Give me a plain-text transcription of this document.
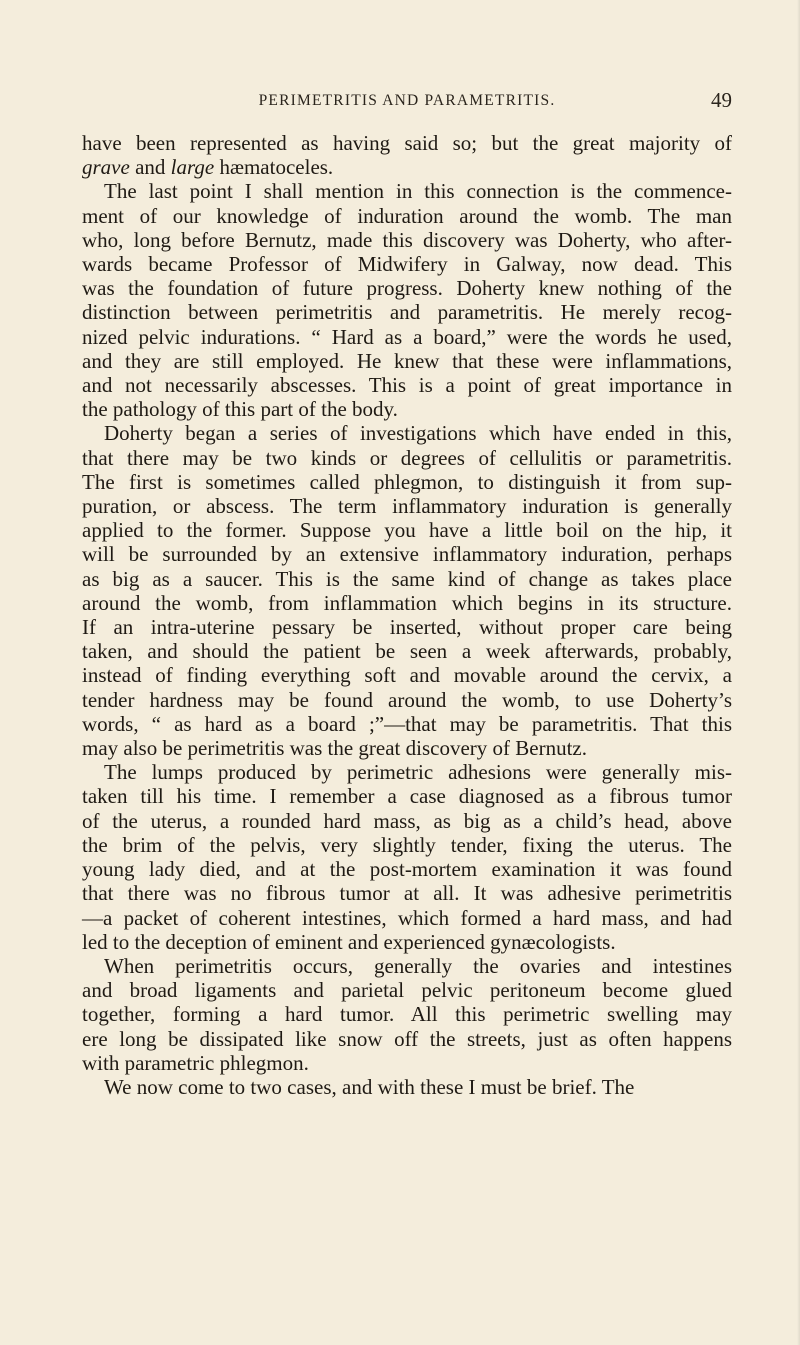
PERIMETRITIS AND PARAMETRITIS.	49

have been represented as having said so; but the great majority of

grave and large hæmatoceles.

The last point I shall mention in this connection is the commence-

ment of our knowledge of induration around the womb. The man

who, long before Bernutz, made this discovery was Doherty, who after-

wards became Professor of Midwifery in Galway, now dead. This

was the foundation of future progress. Doherty knew nothing of the

distinction between perimetritis and parametritis. He merely recog-

nized pelvic indurations. “ Hard as a board,” were the words he used,

and they are still employed. He knew that these were inflammations,

and not necessarily abscesses. This is a point of great importance in

the pathology of this part of the body.

Doherty began a series of investigations which have ended in this,

that there may be two kinds or degrees of cellulitis or parametritis.

The first is sometimes called phlegmon, to distinguish it from sup-

puration, or abscess. The term inflammatory induration is generally

applied to the former. Suppose you have a little boil on the hip, it

will be surrounded by an extensive inflammatory induration, perhaps

as big as a saucer. This is the same kind of change as takes place

around the womb, from inflammation which begins in its structure.

If an intra-uterine pessary be inserted, without proper care being

taken, and should the patient be seen a week afterwards, probably,

instead of finding everything soft and movable around the cervix, a

tender hardness may be found around the womb, to use Doherty’s

words, “ as hard as a board ;”—that may be parametritis. That this

may also be perimetritis was the great discovery of Bernutz.

The lumps produced by perimetric adhesions were generally mis-

taken till his time. I remember a case diagnosed as a fibrous tumor

of the uterus, a rounded hard mass, as big as a child’s head, above

the brim of the pelvis, very slightly tender, fixing the uterus. The

young lady died, and at the post-mortem examination it was found

that there was no fibrous tumor at all. It was adhesive perimetritis

—a packet of coherent intestines, which formed a hard mass, and had

led to the deception of eminent and experienced gynæcologists.

When perimetritis occurs, generally the ovaries and intestines

and broad ligaments and parietal pelvic peritoneum become glued

together, forming a hard tumor. All this perimetric swelling may

ere long be dissipated like snow off the streets, just as often happens

with parametric phlegmon.

We now come to two cases, and with these I must be brief. The
